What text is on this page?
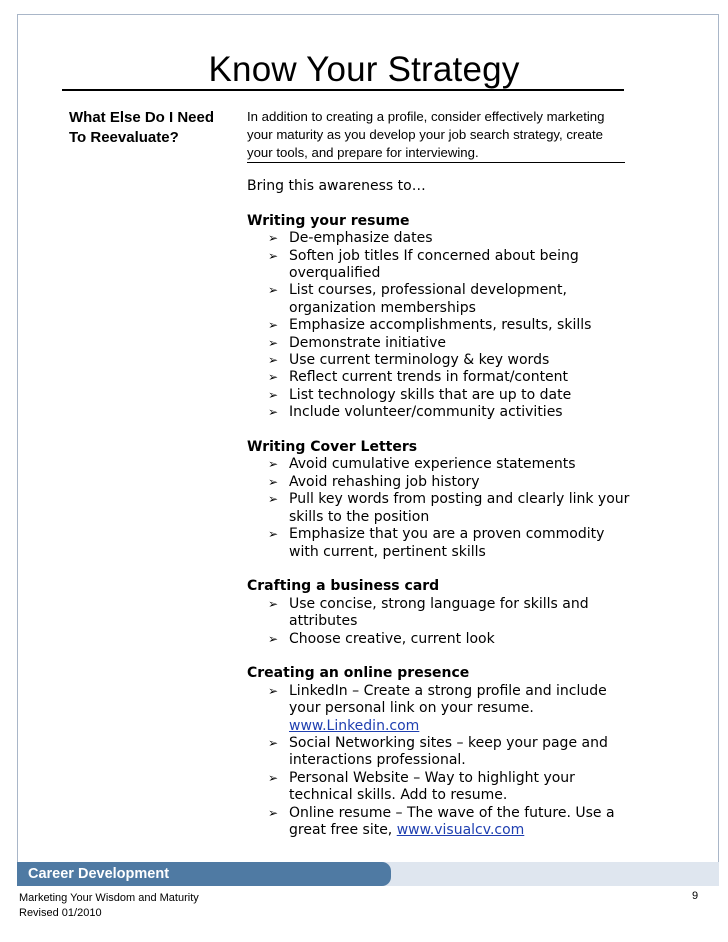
Know Your Strategy
What Else Do I Need
To Reevaluate?
In addition to creating a profile, consider effectively marketing your maturity as you develop your job search strategy, create your tools, and prepare for interviewing.

Bring this awareness to…

Writing your resume

➢ De-emphasize dates
➢ Soften job titles If concerned about being overqualified
➢ List courses, professional development, organization memberships
➢ Emphasize accomplishments, results, skills
➢ Demonstrate initiative
➢ Use current terminology & key words
➢ Reflect current trends in format/content
➢ List technology skills that are up to date
➢ Include volunteer/community activities

Writing Cover Letters

➢ Avoid cumulative experience statements
➢ Avoid rehashing job history
➢ Pull key words from posting and clearly link your skills to the position
➢ Emphasize that you are a proven commodity with current, pertinent skills

Crafting a business card

➢ Use concise, strong language for skills and attributes
➢ Choose creative, current look

Creating an online presence

➢ LinkedIn – Create a strong profile and include your personal link on your resume.
www.Linkedin.com
➢ Social Networking sites – keep your page and interactions professional.
➢ Personal Website – Way to highlight your technical skills. Add to resume.
➢ Online resume – The wave of the future. Use a great free site, www.visualcv.com
Career Development
Marketing Your Wisdom and Maturity
Revised 01/2010
9
